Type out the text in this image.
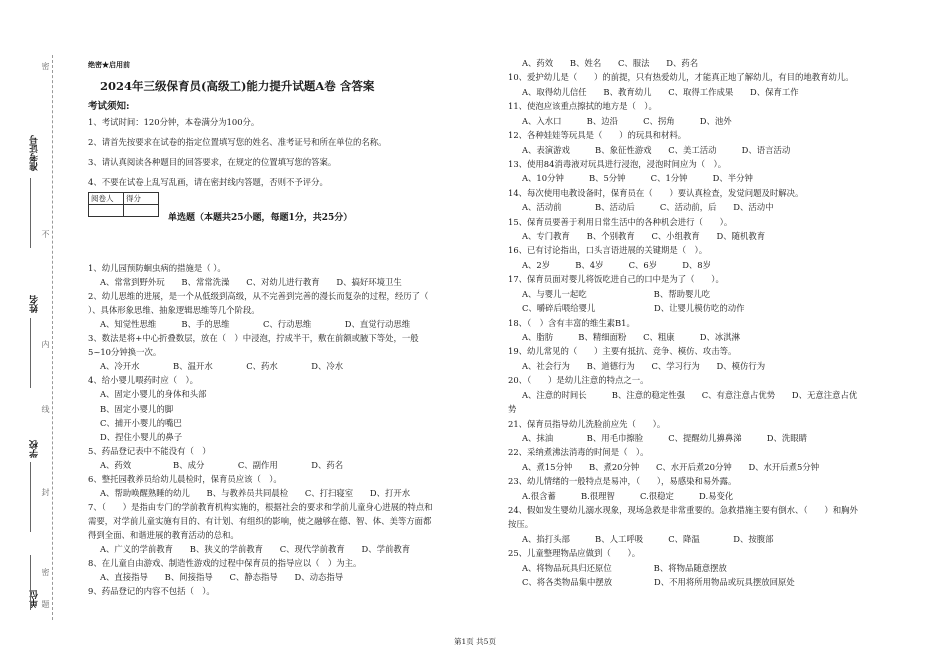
准考证号
姓名
学校
单位
密
不
内
线
封
密
题
绝密★启用前
2024年三级保育员(高级工)能力提升试题A卷 含答案
考试须知:
1、考试时间：120分钟，本卷满分为100分。
2、请首先按要求在试卷的指定位置填写您的姓名、准考证号和所在单位的名称。
3、请认真阅读各种题目的回答要求，在规定的位置填写您的答案。
4、不要在试卷上乱写乱画，请在密封线内答题，否则不予评分。
阅卷人	得分

单选题（本题共25小题，每题1分，共25分）
1、幼儿园预防蛔虫病的措施是（ ）。
A、常常到野外玩　　B、常常洗澡　　C、对幼儿进行教育　　D、搞好环境卫生
2、幼儿思维的进展，是一个从低级到高级，从不完善到完善的漫长而复杂的过程，经历了（
）、具体形象思维、抽象逻辑思维等几个阶段。
A、知觉性思维　　　B、手的思维　　　　C、行动思维　　　　D、直觉行动思维
3、数法是将+中心折叠数层，放在（　）中浸泡，拧成半干，敷在前额或腋下等处，一般
5~10分钟换一次。
A、冷开水　　　　B、温开水　　　　C、药水　　　　D、冷水
4、给小婴儿喂药时应（　）。
A、固定小婴儿的身体和头部
B、固定小婴儿的脚
C、捕开小婴儿的嘴巴
D、捏住小婴儿的鼻子
5、药品登记表中不能没有（　）
A、药效　　　　　B、成分　　　　C、副作用　　　　D、药名
6、整托园教养员给幼儿晨检时，保育员应该（　）。
A、帮助唤醒熟睡的幼儿　　B、与教养员共同晨检　　C、打扫寝室　　D、打开水
7、（　　）是指由专门的学前教育机构实施的，根据社会的要求和学前儿童身心进展的特点和
需要，对学前儿童实施有目的、有计划、有组织的影响，使之融够在德、智、体、美等方面都
得到全面、和谐进展的教育活动的总和。
A、广义的学前教育　　B、狭义的学前教育　　C、现代学前教育　　D、学前教育
8、在儿童自由游戏、制造性游戏的过程中保育员的指导应以（　）为主。
A、直接指导　　B、间接指导　　C、静态指导　　D、动态指导
9、药品登记的内容不包括（　）。
A、药效　　B、姓名　　C、服法　　D、药名
10、爱护幼儿是（　　）的前提，只有热爱幼儿，才能真正地了解幼儿，有目的地教育幼儿。
A、取得幼儿信任　　B、教育幼儿　　C、取得工作成果　　D、保育工作
11、使泡应该重点擦拭的地方是（　）。
A、入水口　　　B、边沿　　　C、拐角　　　D、池外
12、各种娃娃等玩具是（　　）的玩具和材料。
A、表演游戏　　　B、象征性游戏　　C、美工活动　　　D、语言活动
13、使用84消毒液对玩具进行浸泡，浸泡时间应为（　）。
A、10分钟　　　B、5分钟　　　C、1分钟　　　D、半分钟
14、每次使用电教设备时，保育员在（　　）要认真检查，发觉问题及时解决。
A、活动前　　　　B、活动后　　　C、活动前，后　　D、活动中
15、保育员要善于利用日常生活中的各种机会进行（　　）。
A、专门教育　　B、个别教育　　C、小组教育　　D、随机教育
16、已有讨论指出，口头言语进展的关键期是（　）。
A、2岁　　　B、4岁　　　C、6岁　　　D、8岁
17、保育员面对婴儿将饭吃进自己的口中是为了（　　）。
A、与婴儿一起吃　　　　　　　　B、帮助婴儿吃
C、嚼碎后喂给婴儿　　　　　　　D、让婴儿模仿吃的动作
18、（　）含有丰富的维生素B1。
A、脂肪　　　B、精细面粉　　C、粗康　　　D、冰淇淋
19、幼儿常见的（　　）主要有抵抗、竞争、模仿、攻击等。
A、社会行为　　B、道德行为　　C、学习行为　　D、模仿行为
20、（　　）是幼儿注意的特点之一。
A、注意的时间长　　　B、注意的稳定性强　　C、有意注意占优势　　D、无意注意占优
势
21、保育员指导幼儿洗脸前应先（　　）。
A、抹油　　　　B、用毛巾擦脸　　　C、提醒幼儿擤鼻涕　　　D、洗眼睛
22、采纳煮沸法消毒的时间是（　）。
A、煮15分钟　　B、煮20分钟　　C、水开后煮20分钟　　D、水开后煮5分钟
23、幼儿情绪的一般特点是易冲，（　　），易感染和易外露。
A.很含蓄　　　B.很理智　　　C.很稳定　　　D.易变化
24、假如发生婴幼儿溺水现象，现场急救是非常重要的。急救措施主要有倒水、（　　）和胸外
按压。
A、掐打头部　　　B、人工呼吸　　　C、降温　　　　D、按腹部
25、儿童整理物品应做到（　　）。
A、将物品玩具归还原位　　　　　B、将物品随意摆放
C、将各类物品集中摆放　　　　　D、不用将所用物品或玩具摆放回原处
第1页 共5页
